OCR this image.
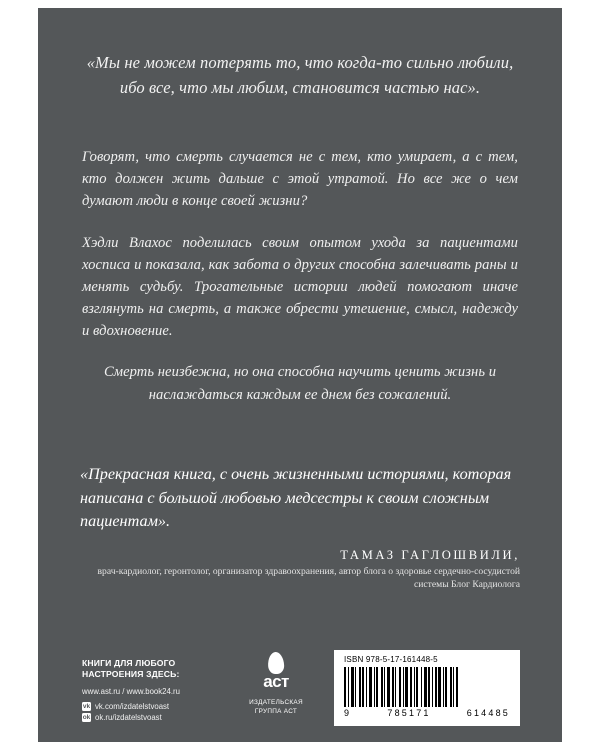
«Мы не можем потерять то, что когда-то сильно любили, ибо все, что мы любим, становится частью нас».

Говорят, что смерть случается не с тем, кто умирает, а с тем, кто должен жить дальше с этой утратой. Но все же о чем думают люди в конце своей жизни?

Хэдли Влахос поделилась своим опытом ухода за пациентами хосписа и показала, как забота о других способна залечивать раны и менять судьбу. Трогательные истории людей помогают иначе взглянуть на смерть, а также обрести утешение, смысл, надежду и вдохновение.

Смерть неизбежна, но она способна научить ценить жизнь и наслаждаться каждым ее днем без сожалений.

«Прекрасная книга, с очень жизненными историями, которая написана с большой любовью медсестры к своим сложным пациентам».

ТАМАЗ ГАГЛОШВИЛИ,
врач-кардиолог, геронтолог, организатор здравоохранения, автор блога о здоровье сердечно-сосудистой системы Блог Кардиолога

КНИГИ ДЛЯ ЛЮБОГО

НАСТРОЕНИЯ ЗДЕСЬ:

www.ast.ru / www.book24.ru

vk vk.com/izdatelstvoast
ok ok.ru/izdatelstvoast
аст
ИЗДАТЕЛЬСКАЯ
ГРУППА АСТ

ISBN 978-5-17-161448-5

9	785171	614485
